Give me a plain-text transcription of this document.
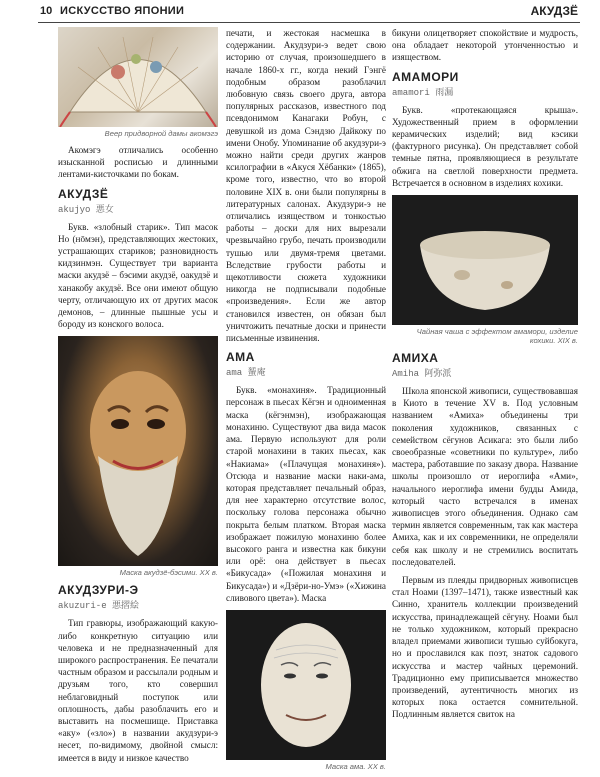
10 ИСКУССТВО ЯПОНИИ	АКУДЗЁ
Веер придворной дамы акомэгэ

Акомэгэ отличались особенно изысканной росписью и длинными лентами-кисточками по бокам.

АКУДЗЁ
akujyo 悪女

Букв. «злобный старик». Тип масок Но (нōмэн), представляющих жестоких, устрашающих стариков; разновидность кидзинмэн. Существует три варианта маски акудзё – бэсими акудзё, оакудзё и ханакобу акудзё. Все они имеют общую черту, отличающую их от других масок демонов, – длинные пышные усы и бороду из конского волоса.

Маска акудзё-бэсими. XX в.
АКУДЗУРИ-Э
akuzuri-e 悪摺絵

Тип гравюры, изображающий какую-либо конкретную ситуацию или человека и не предназначенный для широкого распространения. Ее печатали частным образом и рассылали родным и друзьям того, кто совершил неблаговидный поступок или оплошность, дабы разоблачить его и выставить на посмешище. Приставка «аку» («зло») в названии акудзури-э несет, по-видимому, двойной смысл: имеется в виду и низкое качество

печати, и жестокая насмешка в содержании. Акудзури-э ведет свою историю от случая, произошедшего в начале 1860-х гг., когда некий Гэнгё подобным образом разоблачил любовную связь своего друга, автора популярных рассказов, известного под псевдонимом Канагаки Робун, с девушкой из дома Сэндзю Дайкоку по имени Онобу. Упоминание об акудзури-э можно найти среди других жанров ксилографии в «Акуся Хёбанки» (1865), кроме того, известно, что во второй половине XIX в. они были популярны в литературных салонах. Акудзури-э не отличались изяществом и тонкостью работы – доски для них вырезали чрезвычайно грубо, печать производили тушью или двумя-тремя цветами. Вследствие грубости работы и щекотливости сюжета художники никогда не подписывали подобные «произведения». Если же автор становился известен, он обязан был уничтожить печатные доски и принести письменные извинения.

АМА
ama 蜑庵

Букв. «монахиня». Традиционный персонаж в пьесах Кёгэн и одноименная маска (кёгэнмэн), изображающая монахиню. Существуют два вида масок ама. Первую используют для роли старой монахини в таких пьесах, как «Накиама» («Плачущая монахиня»). Отсюда и название маски наки-ама, которая представляет печальный образ, для нее характерно отсутствие волос, поскольку голова персонажа обычно покрыта белым платком. Вторая маска изображает пожилую монахиню более высокого ранга и известна как бикуни или орё: она действует в пьесах «Бикусада» («Пожилая монахиня и Бикусада») и «Дзёри-но-Умэ» («Хижина сливового цвета»). Маска

Маска ама. XX в.

бикуни олицетворяет спокойствие и мудрость, она обладает некоторой утонченностью и изяществом.

АМАМОРИ
amamori 雨漏

Букв. «протекающаяся крыша». Художественный прием в оформлении керамических изделий; вид кэсики (фактурного рисунка). Он представляет собой темные пятна, проявляющиеся в результате обжига на светлой поверхности предмета. Встречается в основном в изделиях кохики.

Чайная чаша с эффектом амамори, изделие кохики. XIX в.
АМИХА
Amiha 阿弥派

Школа японской живописи, существовавшая в Киото в течение XV в. Под условным названием «Амиха» объединены три поколения художников, связанных с семейством сёгунов Асикага: это были либо своеобразные «советники по культуре», либо мастера, работавшие по заказу двора. Название школы произошло от иероглифа «Ами», начального иероглифа имени будды Амида, который часто встречался в именах живописцев этого объединения. Однако сам термин является современным, так как мастера Амиха, как и их современники, не определяли себя как школу и не стремились воспитать последователей.

Первым из плеяды придворных живописцев стал Ноами (1397–1471), также известный как Синно, хранитель коллекции произведений искусства, принадлежащей сёгуну. Ноами был не только художником, который прекрасно владел приемами живописи тушью суйбокуга, но и прославился как поэт, знаток садового искусства и мастер чайных церемоний. Традиционно ему приписывается множество произведений, аутентичность многих из которых пока остается сомнительной. Подлинным является свиток на
